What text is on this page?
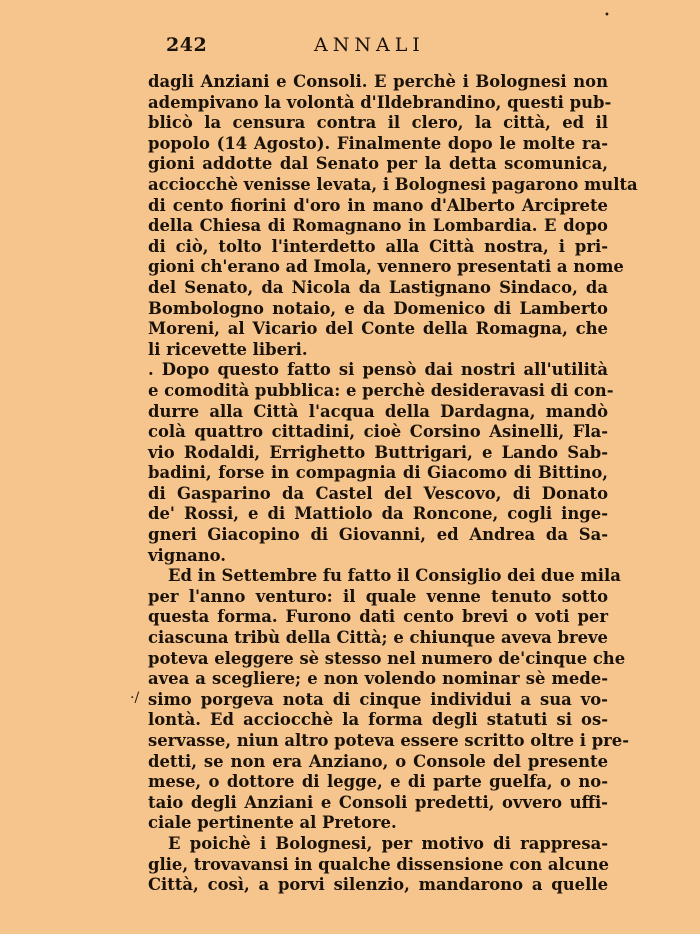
•
242	ANNALI
·/
dagli Anziani e Consoli. E perchè i Bolognesi non
adempivano la volontà d'Ildebrandino, questi pub-
blicò la censura contra il clero, la città, ed il
popolo (14 Agosto). Finalmente dopo le molte ra-
gioni addotte dal Senato per la detta scomunica,
acciocchè venisse levata, i Bolognesi pagarono multa
di cento fiorini d'oro in mano d'Alberto Arciprete
della Chiesa di Romagnano in Lombardia. E dopo
di ciò, tolto l'interdetto alla Città nostra, i pri-
gioni ch'erano ad Imola, vennero presentati a nome
del Senato, da Nicola da Lastignano Sindaco, da
Bombologno notaio, e da Domenico di Lamberto
Moreni, al Vicario del Conte della Romagna, che
li ricevette liberi.
. Dopo questo fatto si pensò dai nostri all'utilità
e comodità pubblica: e perchè desideravasi di con-
durre alla Città l'acqua della Dardagna, mandò
colà quattro cittadini, cioè Corsino Asinelli, Fla-
vio Rodaldi, Errighetto Buttrigari, e Lando Sab-
badini, forse in compagnia di Giacomo di Bittino,
di Gasparino da Castel del Vescovo, di Donato
de' Rossi, e di Mattiolo da Roncone, cogli inge-
gneri Giacopino di Giovanni, ed Andrea da Sa-
vignano.
Ed in Settembre fu fatto il Consiglio dei due mila
per l'anno venturo: il quale venne tenuto sotto
questa forma. Furono dati cento brevi o voti per
ciascuna tribù della Città; e chiunque aveva breve
poteva eleggere sè stesso nel numero de'cinque che
avea a scegliere; e non volendo nominar sè mede-
simo porgeva nota di cinque individui a sua vo-
lontà. Ed acciocchè la forma degli statuti si os-
servasse, niun altro poteva essere scritto oltre i pre-
detti, se non era Anziano, o Console del presente
mese, o dottore di legge, e di parte guelfa, o no-
taio degli Anziani e Consoli predetti, ovvero uffi-
ciale pertinente al Pretore.
E poichè i Bolognesi, per motivo di rappresa-
glie, trovavansi in qualche dissensione con alcune
Città, così, a porvi silenzio, mandarono a quelle
